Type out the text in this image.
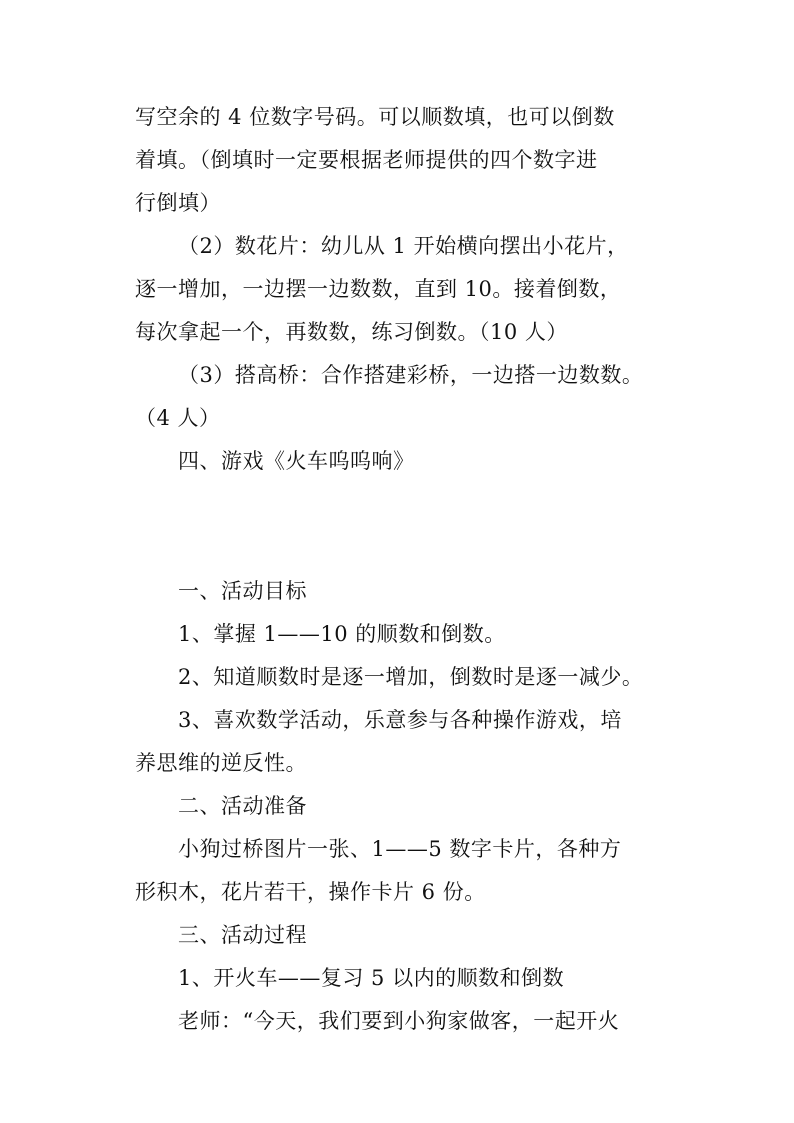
写空余的 4 位数字号码。可以顺数填，也可以倒数
着填。（倒填时一定要根据老师提供的四个数字进
行倒填）
（2）数花片：幼儿从 1 开始横向摆出小花片，
逐一增加，一边摆一边数数，直到 10。接着倒数，
每次拿起一个，再数数，练习倒数。（10 人）
（3）搭高桥：合作搭建彩桥，一边搭一边数数。
（4 人）
四、游戏《火车呜呜响》
一、活动目标
1、掌握 1——10 的顺数和倒数。
2、知道顺数时是逐一增加，倒数时是逐一减少。
3、喜欢数学活动，乐意参与各种操作游戏，培
养思维的逆反性。
二、活动准备
小狗过桥图片一张、1——5 数字卡片，各种方
形积木，花片若干，操作卡片 6 份。
三、活动过程
1、开火车——复习 5 以内的顺数和倒数
老师：“今天，我们要到小狗家做客，一起开火
